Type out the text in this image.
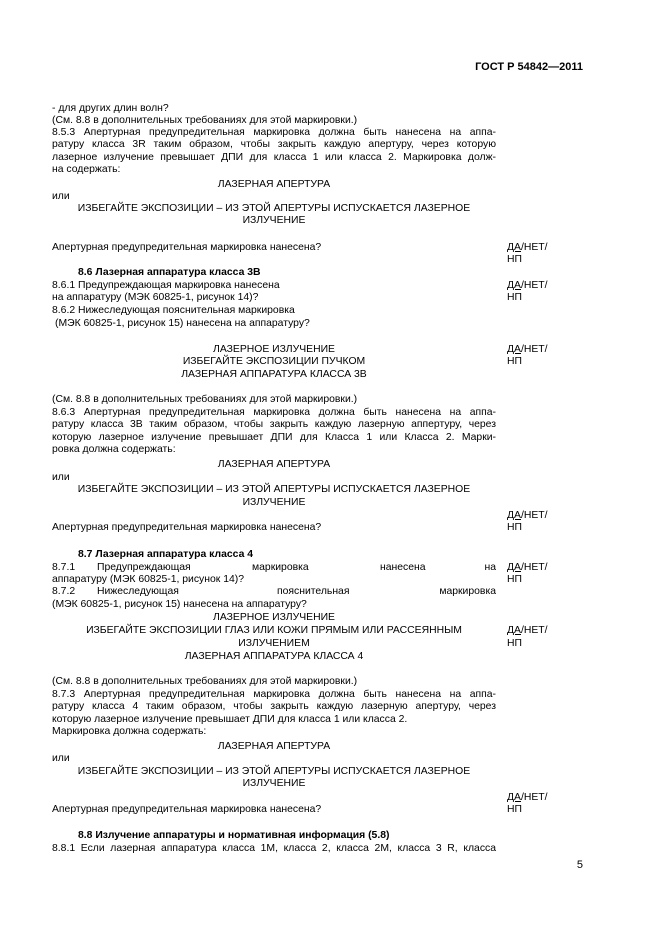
ГОСТ Р 54842—2011
- для других длин волн?
(См. 8.8 в дополнительных требованиях для этой маркировки.)
8.5.3 Апертурная предупредительная маркировка должна быть нанесена на аппа-
ратуру класса 3R таким образом, чтобы закрыть каждую апертуру, через которую
лазерное излучение превышает ДПИ для класса 1 или класса 2. Маркировка долж-
на содержать:
ЛАЗЕРНАЯ АПЕРТУРА
или
ИЗБЕГАЙТЕ ЭКСПОЗИЦИИ – ИЗ ЭТОЙ АПЕРТУРЫ ИСПУСКАЕТСЯ ЛАЗЕРНОЕ
ИЗЛУЧЕНИЕ
Апертурная предупредительная маркировка нанесена?	ДА/НЕТ/
НП
8.6 Лазерная аппаратура класса 3B
8.6.1 Предупреждающая маркировка нанесена	ДА/НЕТ/
на аппаратуру (МЭК 60825-1, рисунок 14)?	НП
8.6.2 Нижеследующая пояснительная маркировка
(МЭК 60825-1, рисунок 15) нанесена на аппаратуру?
ЛАЗЕРНОЕ ИЗЛУЧЕНИЕ	ДА/НЕТ/
ИЗБЕГАЙТЕ ЭКСПОЗИЦИИ ПУЧКОМ	НП
ЛАЗЕРНАЯ АППАРАТУРА КЛАССА 3B
(См. 8.8 в дополнительных требованиях для этой маркировки.)
8.6.3 Апертурная предупредительная маркировка должна быть нанесена на аппа-
ратуру класса 3B таким образом, чтобы закрыть каждую лазерную аппертуру, через
которую лазерное излучение превышает ДПИ для Класса 1 или Класса 2. Марки-
ровка должна содержать:
ЛАЗЕРНАЯ АПЕРТУРА
или
ИЗБЕГАЙТЕ ЭКСПОЗИЦИИ – ИЗ ЭТОЙ АПЕРТУРЫ ИСПУСКАЕТСЯ ЛАЗЕРНОЕ
ИЗЛУЧЕНИЕ
ДА/НЕТ/
Апертурная предупредительная маркировка нанесена?	НП
8.7 Лазерная аппаратура класса 4
8.7.1 Предупреждающая	маркировка	нанесена	на ДА/НЕТ/
аппаратуру (МЭК 60825-1, рисунок 14)?	НП
8.7.2 Нижеследующая	пояснительная	маркировка
(МЭК 60825-1, рисунок 15) нанесена на аппаратуру?
ЛАЗЕРНОЕ ИЗЛУЧЕНИЕ
ИЗБЕГАЙТЕ ЭКСПОЗИЦИИ ГЛАЗ ИЛИ КОЖИ ПРЯМЫМ ИЛИ РАССЕЯННЫМ	ДА/НЕТ/
ИЗЛУЧЕНИЕМ	НП
ЛАЗЕРНАЯ АППАРАТУРА КЛАССА 4
(См. 8.8 в дополнительных требованиях для этой маркировки.)
8.7.3 Апертурная предупредительная маркировка должна быть нанесена на аппа-
ратуру класса 4 таким образом, чтобы закрыть каждую лазерную апертуру, через
которую лазерное излучение превышает ДПИ для класса 1 или класса 2.
Маркировка должна содержать:
ЛАЗЕРНАЯ АПЕРТУРА
или
ИЗБЕГАЙТЕ ЭКСПОЗИЦИИ – ИЗ ЭТОЙ АПЕРТУРЫ ИСПУСКАЕТСЯ ЛАЗЕРНОЕ
ИЗЛУЧЕНИЕ
ДА/НЕТ/
Апертурная предупредительная маркировка нанесена?	НП
8.8 Излучение аппаратуры и нормативная информация (5.8)
8.8.1 Если лазерная аппаратура класса 1М, класса 2, класса 2М, класса 3 R, класса
5
